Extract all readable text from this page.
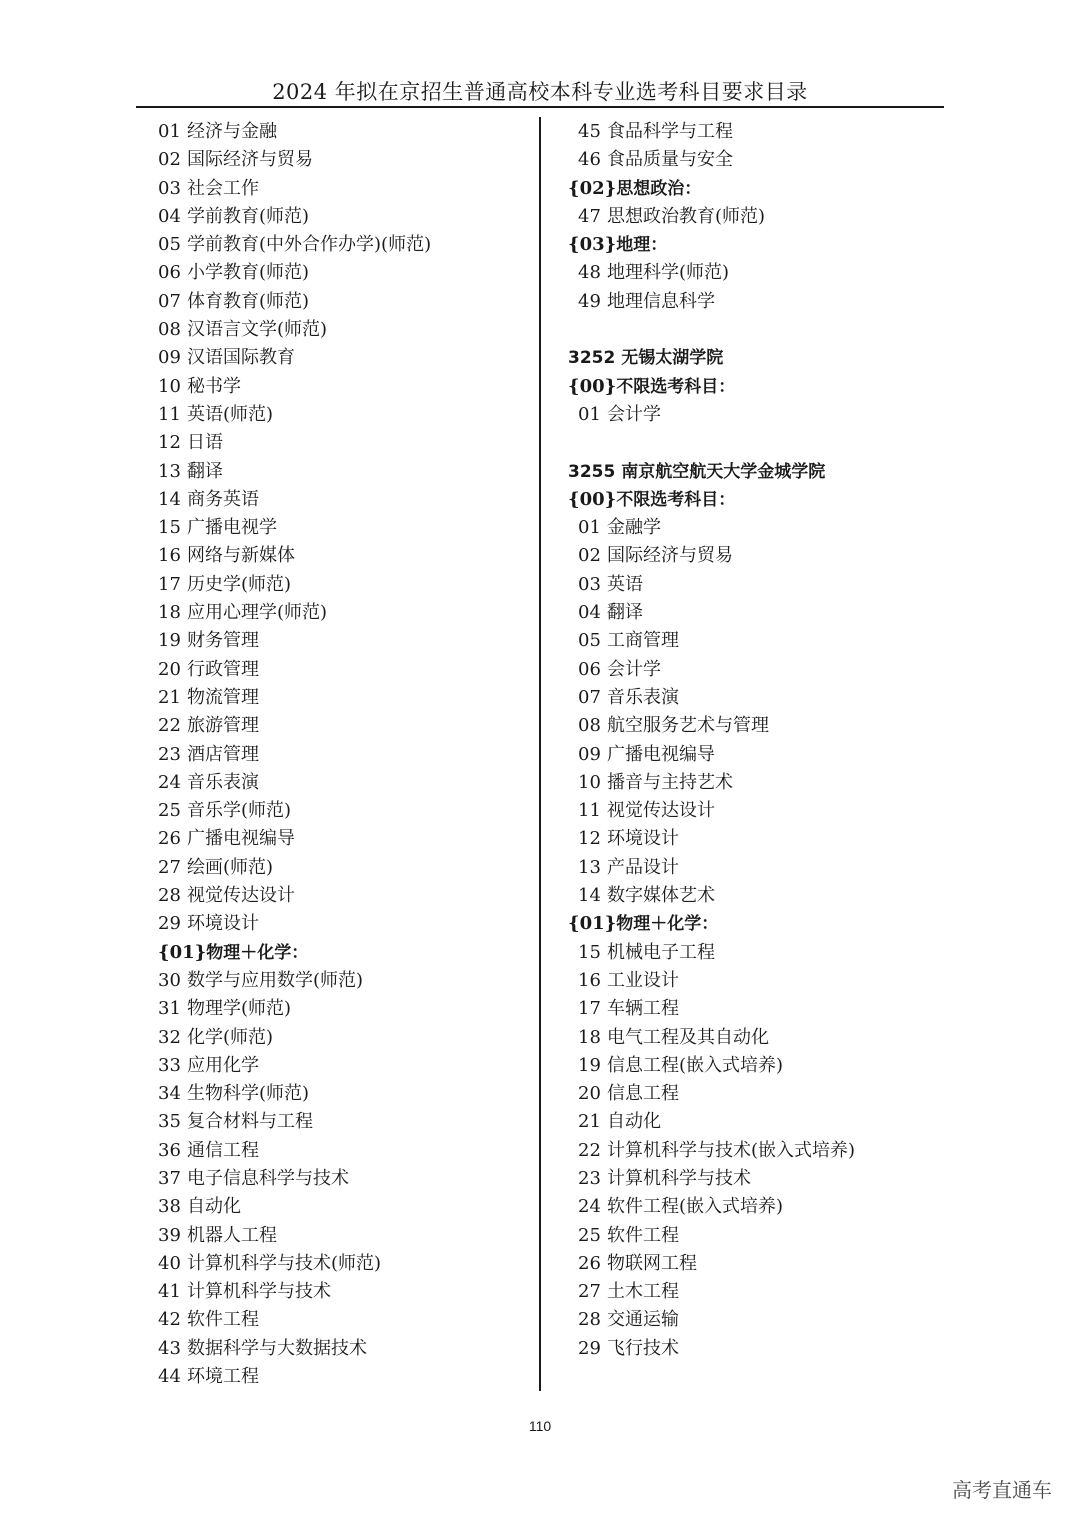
2024 年拟在京招生普通高校本科专业选考科目要求目录
01 经济与金融
02 国际经济与贸易
03 社会工作
04 学前教育(师范)
05 学前教育(中外合作办学)(师范)
06 小学教育(师范)
07 体育教育(师范)
08 汉语言文学(师范)
09 汉语国际教育
10 秘书学
11 英语(师范)
12 日语
13 翻译
14 商务英语
15 广播电视学
16 网络与新媒体
17 历史学(师范)
18 应用心理学(师范)
19 财务管理
20 行政管理
21 物流管理
22 旅游管理
23 酒店管理
24 音乐表演
25 音乐学(师范)
26 广播电视编导
27 绘画(师范)
28 视觉传达设计
29 环境设计
{01}物理＋化学：
30 数学与应用数学(师范)
31 物理学(师范)
32 化学(师范)
33 应用化学
34 生物科学(师范)
35 复合材料与工程
36 通信工程
37 电子信息科学与技术
38 自动化
39 机器人工程
40 计算机科学与技术(师范)
41 计算机科学与技术
42 软件工程
43 数据科学与大数据技术
44 环境工程
45 食品科学与工程
46 食品质量与安全
{02}思想政治：
47 思想政治教育(师范)
{03}地理：
48 地理科学(师范)
49 地理信息科学
3252 无锡太湖学院
{00}不限选考科目：
01 会计学
3255 南京航空航天大学金城学院
{00}不限选考科目：
01 金融学
02 国际经济与贸易
03 英语
04 翻译
05 工商管理
06 会计学
07 音乐表演
08 航空服务艺术与管理
09 广播电视编导
10 播音与主持艺术
11 视觉传达设计
12 环境设计
13 产品设计
14 数字媒体艺术
{01}物理＋化学：
15 机械电子工程
16 工业设计
17 车辆工程
18 电气工程及其自动化
19 信息工程(嵌入式培养)
20 信息工程
21 自动化
22 计算机科学与技术(嵌入式培养)
23 计算机科学与技术
24 软件工程(嵌入式培养)
25 软件工程
26 物联网工程
27 土木工程
28 交通运输
29 飞行技术
110
高考直通车
